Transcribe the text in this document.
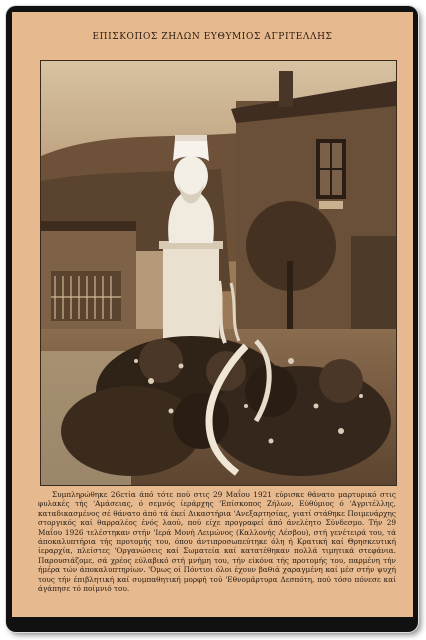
ΕΠΙΣΚΟΠΟΣ ΖΗΛΩΝ ΕΥΘΥΜΙΟΣ ΑΓΡΙΤΕΛΛΗΣ

Συμπληρώθηκε 26ετία άπό τότε πού στις 29 Μαΐου 1921 εύρισκε θάνατο μαρτυρικό στις φυλακές τής 'Αμάσειας, ό σεμνός ίεράρχης 'Επίσκοπος Ζήλων, Εύθύμιος ό 'Αγριτέλλης, καταδικασμένος σέ θάνατο άπό τά έκεί Δικαστήρια 'Ανεξαρτησίας, γιατί στάθηκε Ποιμενάρχης στοργικός καί θαρραλέος ένός λαού, πού είχε προγραφεί άπό άνελέητο Σύνδεσμο. Τήν 29 Μαΐου 1926 τελέστηκαν στήν 'Ιερά Μονή Λειμώνος (Καλλονής Λέσβου), στή γενέτειρά του, τά άποκαλυπτήρια τής προτομής του, όπου άντιπροσωπεύτηκε όλη ή Κρατική καί Θρησκευτική ίεραρχία, πλείστες 'Οργανώσεις καί Σωματεία καί κατατέθηκαν πολλά τιμητικά στεφάνια. Παρουσιάζομε, σά χρέος εύλαβικό στή μνήμη του, τήν είκόνα τής προτομής του, παρμένη τήν ήμέρα τών άποκαλυπτηρίων. 'Όμως οί Πόντιοι όλοι έχουν βαθιά χαραγμένη καί μέσ στήν ψυχή τους τήν έπιβλητική καί συμπαθητική μορφή τού 'Εθνομάρτυρα Δεσπότη, πού τόσο πόνεσε καί άγάπησε τό ποίμνιό του.
